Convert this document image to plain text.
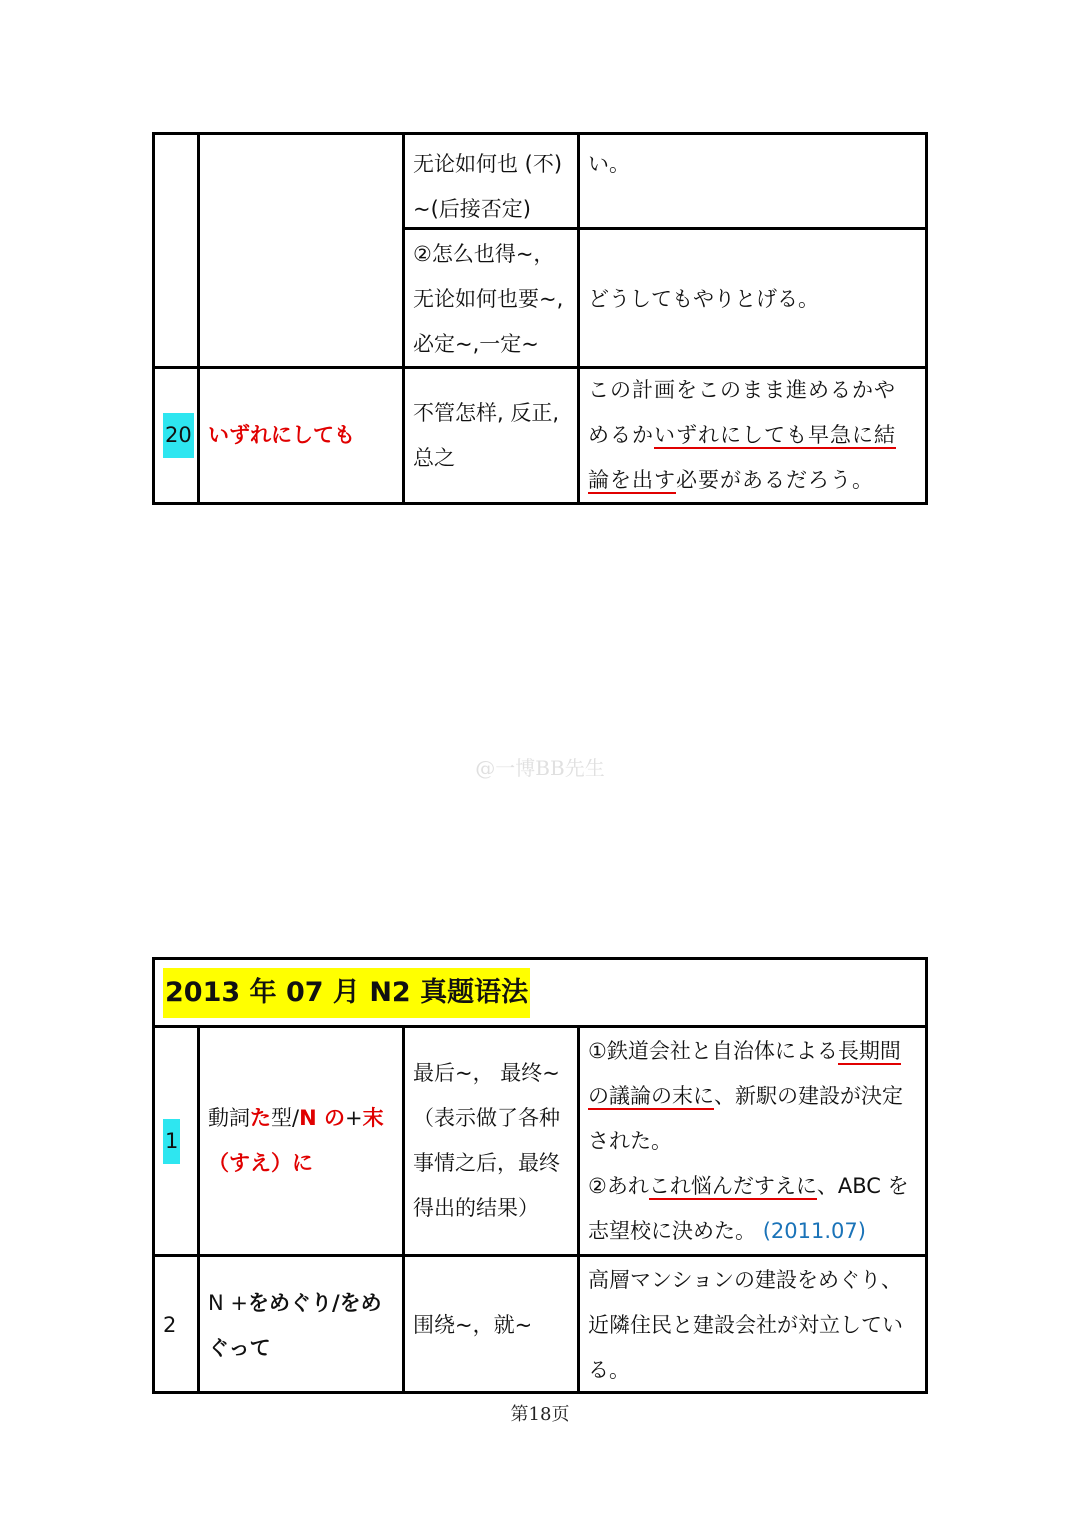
无论如何也 (不)
~(后接否定)
い。
②怎么也得~，
无论如何也要~,
必定~,一定~
どうしてもやりとげる。
20 いずれにしても
不管怎样, 反正,
总之
この計画をこのまま進めるかやめるかいずれにしても早急に結論を出す必要があるだろう。
@一博BB先生
2013 年 07 月 N2 真题语法
1
動詞た型/N の+末
（すえ）に
最后~， 最终~（表示做了各种事情之后，最终得出的结果）
①鉄道会社と自治体による長期間の議論の末に、新駅の建設が決定された。
②あれこれ悩んだすえに、ABC を志望校に決めた。 (2011.07)
2
N +をめぐり/をめぐって
围绕~，就~
高層マンションの建設をめぐり、近隣住民と建設会社が対立している。
第18页
